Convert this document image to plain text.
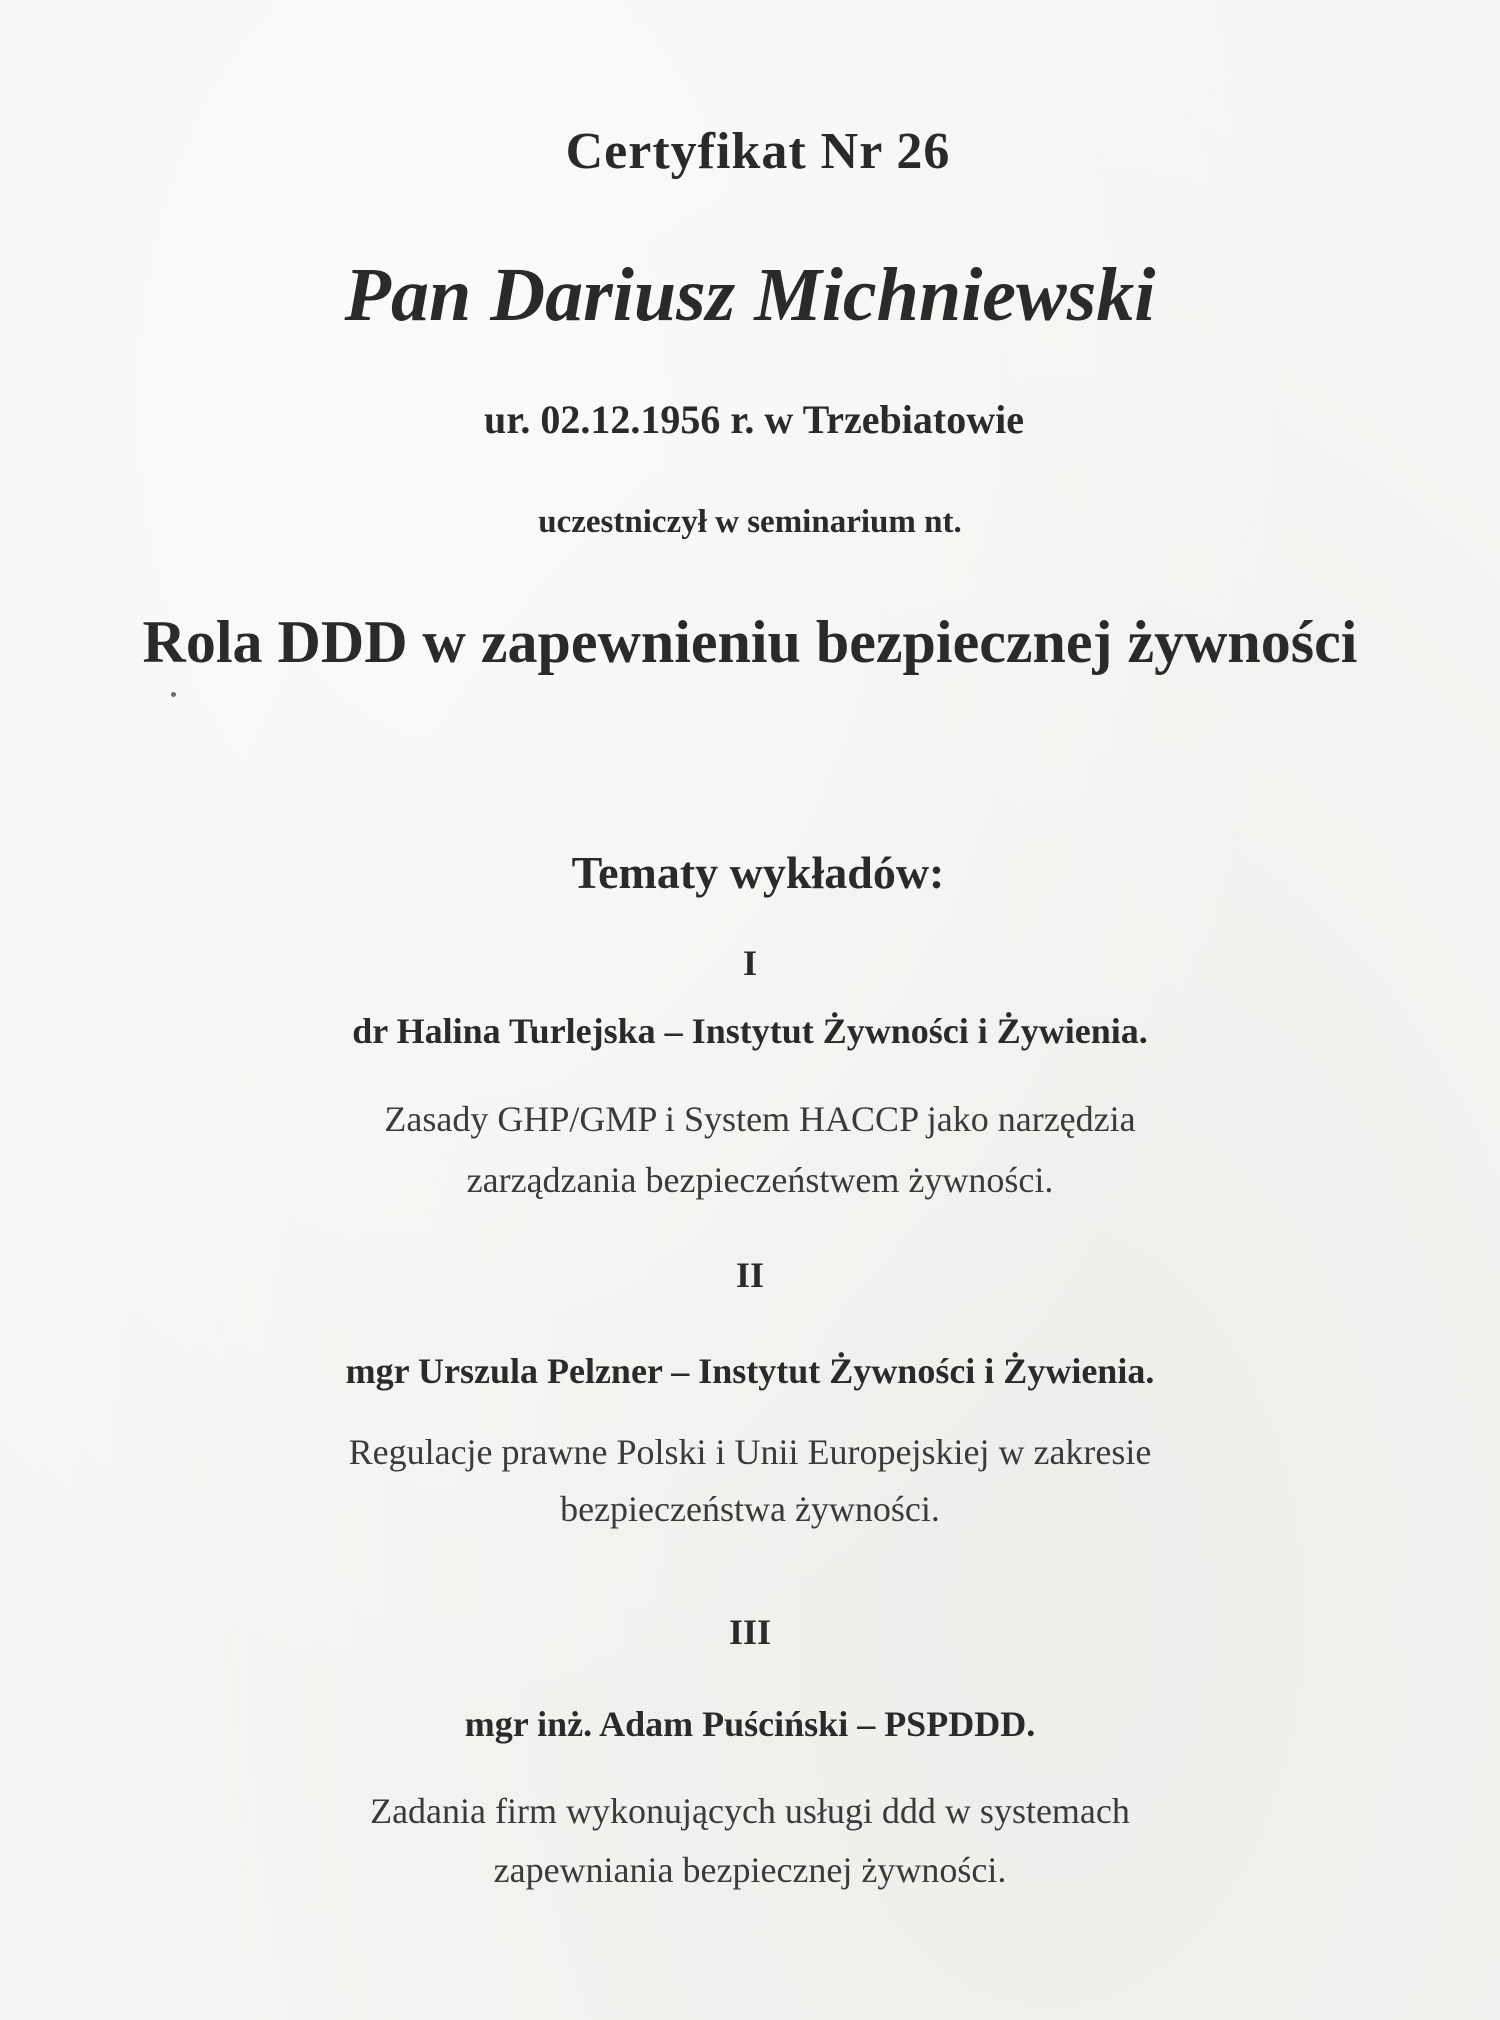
Certyfikat Nr 26
Pan Dariusz Michniewski
ur. 02.12.1956 r. w Trzebiatowie
uczestniczył w seminarium nt.
Rola DDD w zapewnieniu bezpiecznej żywności
Tematy wykładów:
I
dr Halina Turlejska – Instytut Żywności i Żywienia.
Zasady GHP/GMP i System HACCP jako narzędzia
zarządzania bezpieczeństwem żywności.
II
mgr Urszula Pelzner – Instytut Żywności i Żywienia.
Regulacje prawne Polski i Unii Europejskiej w zakresie
bezpieczeństwa żywności.
III
mgr inż. Adam Puściński – PSPDDD.
Zadania firm wykonujących usługi ddd w systemach
zapewniania bezpiecznej żywności.
